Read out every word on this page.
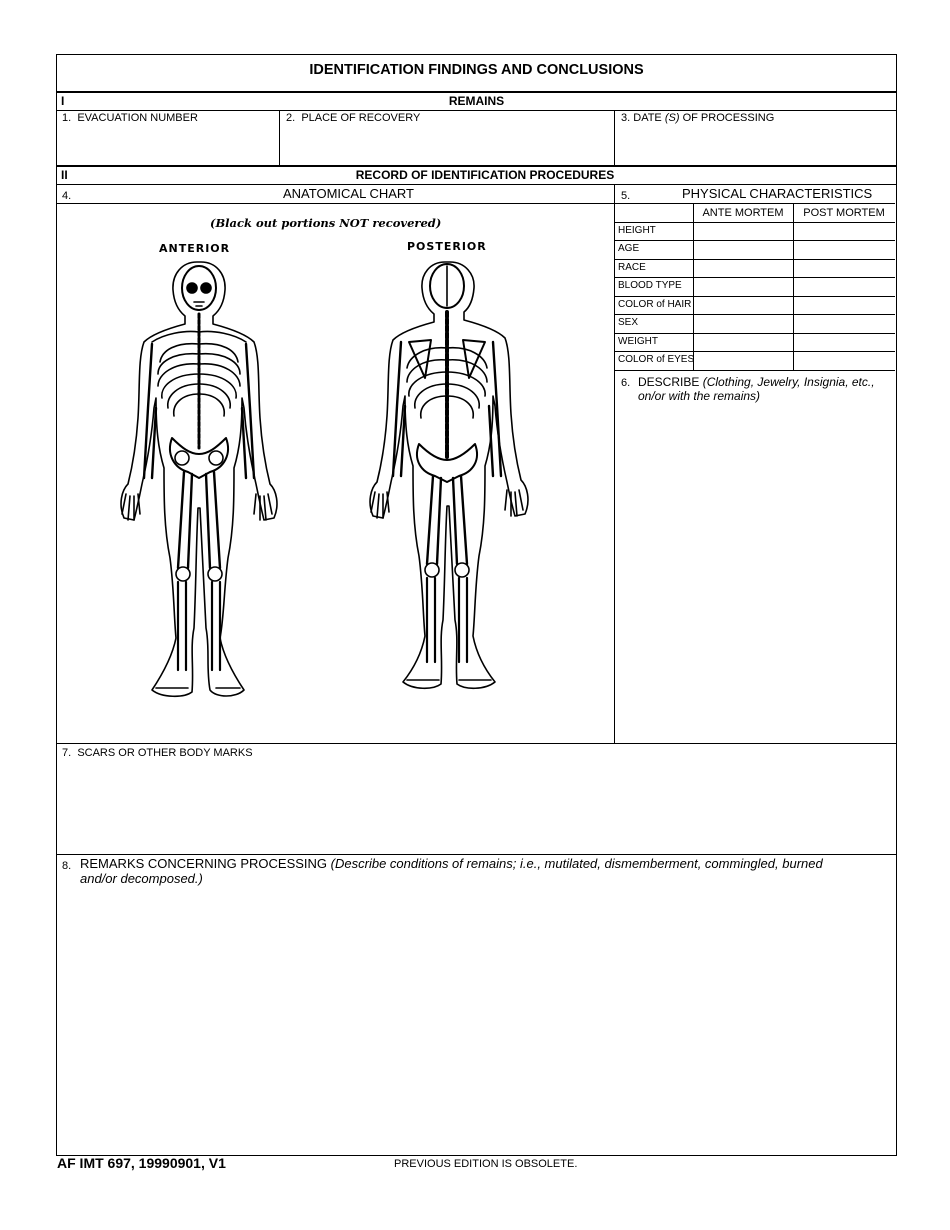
IDENTIFICATION FINDINGS AND CONCLUSIONS
I	REMAINS
1. EVACUATION NUMBER	2. PLACE OF RECOVERY	3. DATE (S) OF PROCESSING
II	RECORD OF IDENTIFICATION PROCEDURES
4.	ANATOMICAL CHART
(Black out portions NOT recovered)
ANTERIOR	POSTERIOR
5.	PHYSICAL CHARACTERISTICS
ANTE MORTEM	POST MORTEM
HEIGHT
AGE
RACE
BLOOD TYPE
COLOR of HAIR
SEX
WEIGHT
COLOR of EYES
6. DESCRIBE (Clothing, Jewelry, Insignia, etc.,
on/or with the remains)
7. SCARS OR OTHER BODY MARKS
8. REMARKS CONCERNING PROCESSING (Describe conditions of remains; i.e., mutilated, dismemberment, commingled, burned
and/or decomposed.)
AF IMT 697, 19990901, V1	PREVIOUS EDITION IS OBSOLETE.
